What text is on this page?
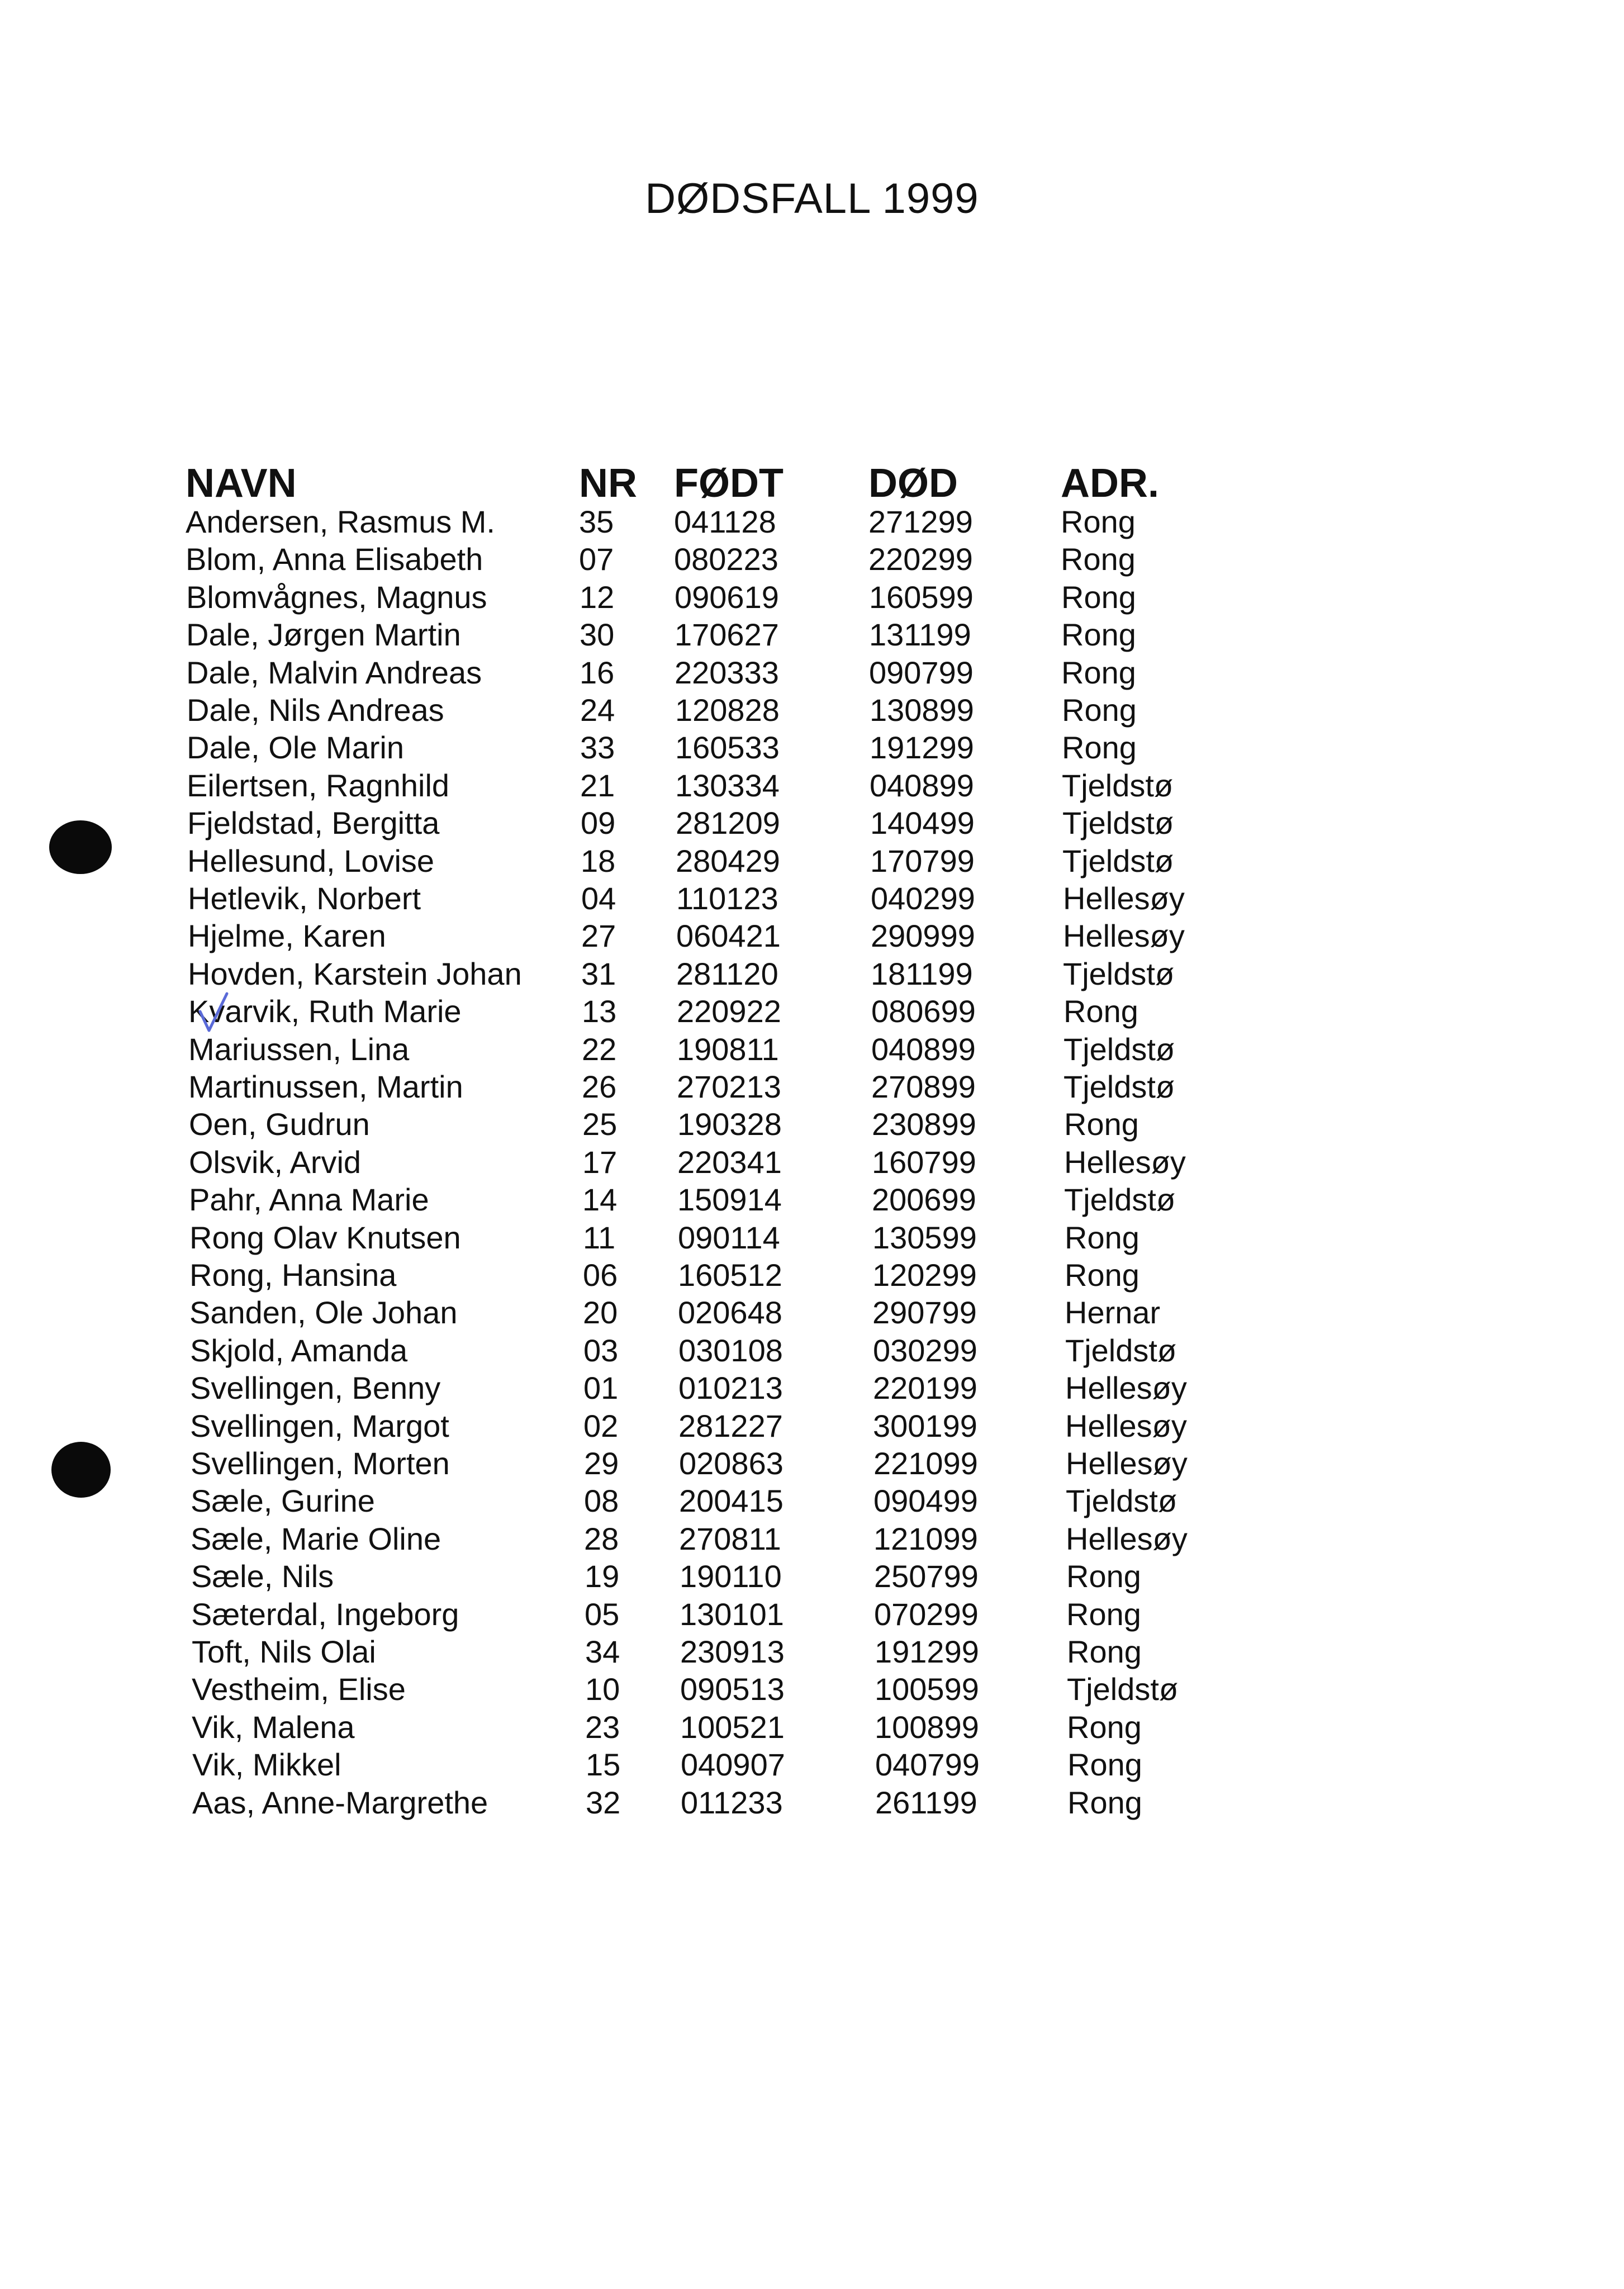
DØDSFALL 1999
NAVN	NR FØDT DØD	ADR.
Andersen, Rasmus M.	35 041128	271299	Rong
Blom, Anna Elisabeth	07 080223	220299	Rong
Blomvågnes, Magnus	12 090619	160599	Rong
Dale, Jørgen Martin	30 170627	131199	Rong
Dale, Malvin Andreas	16 220333	090799	Rong
Dale, Nils Andreas	24 120828	130899	Rong
Dale, Ole Marin	33 160533	191299	Rong
Eilertsen, Ragnhild	21 130334	040899	Tjeldstø
Fjeldstad, Bergitta	09 281209	140499	Tjeldstø
Hellesund, Lovise	18 280429	170799	Tjeldstø
Hetlevik, Norbert	04 110123	040299	Hellesøy
Hjelme, Karen	27 060421	290999	Hellesøy
Hovden, Karstein Johan 31 281120	181199	Tjeldstø
Kvarvik, Ruth Marie	13 220922	080699	Rong
Mariussen, Lina	22 190811	040899	Tjeldstø
Martinussen, Martin	26 270213	270899	Tjeldstø
Oen, Gudrun	25 190328	230899	Rong
Olsvik, Arvid	17 220341	160799	Hellesøy
Pahr, Anna Marie	14 150914	200699	Tjeldstø
Rong Olav Knutsen	11 090114	130599	Rong
Rong, Hansina	06 160512	120299	Rong
Sanden, Ole Johan	20 020648	290799	Hernar
Skjold, Amanda	03 030108	030299	Tjeldstø
Svellingen, Benny	01 010213	220199	Hellesøy
Svellingen, Margot	02 281227	300199	Hellesøy
Svellingen, Morten	29 020863	221099	Hellesøy
Sæle, Gurine	08 200415	090499	Tjeldstø
Sæle, Marie Oline	28 270811	121099	Hellesøy
Sæle, Nils	19 190110	250799	Rong
Sæterdal, Ingeborg	05 130101	070299	Rong
Toft, Nils Olai	34 230913	191299	Rong
Vestheim, Elise	10 090513	100599	Tjeldstø
Vik, Malena	23 100521	100899	Rong
Vik, Mikkel	15 040907	040799	Rong
Aas, Anne-Margrethe	32 011233	261199	Rong
